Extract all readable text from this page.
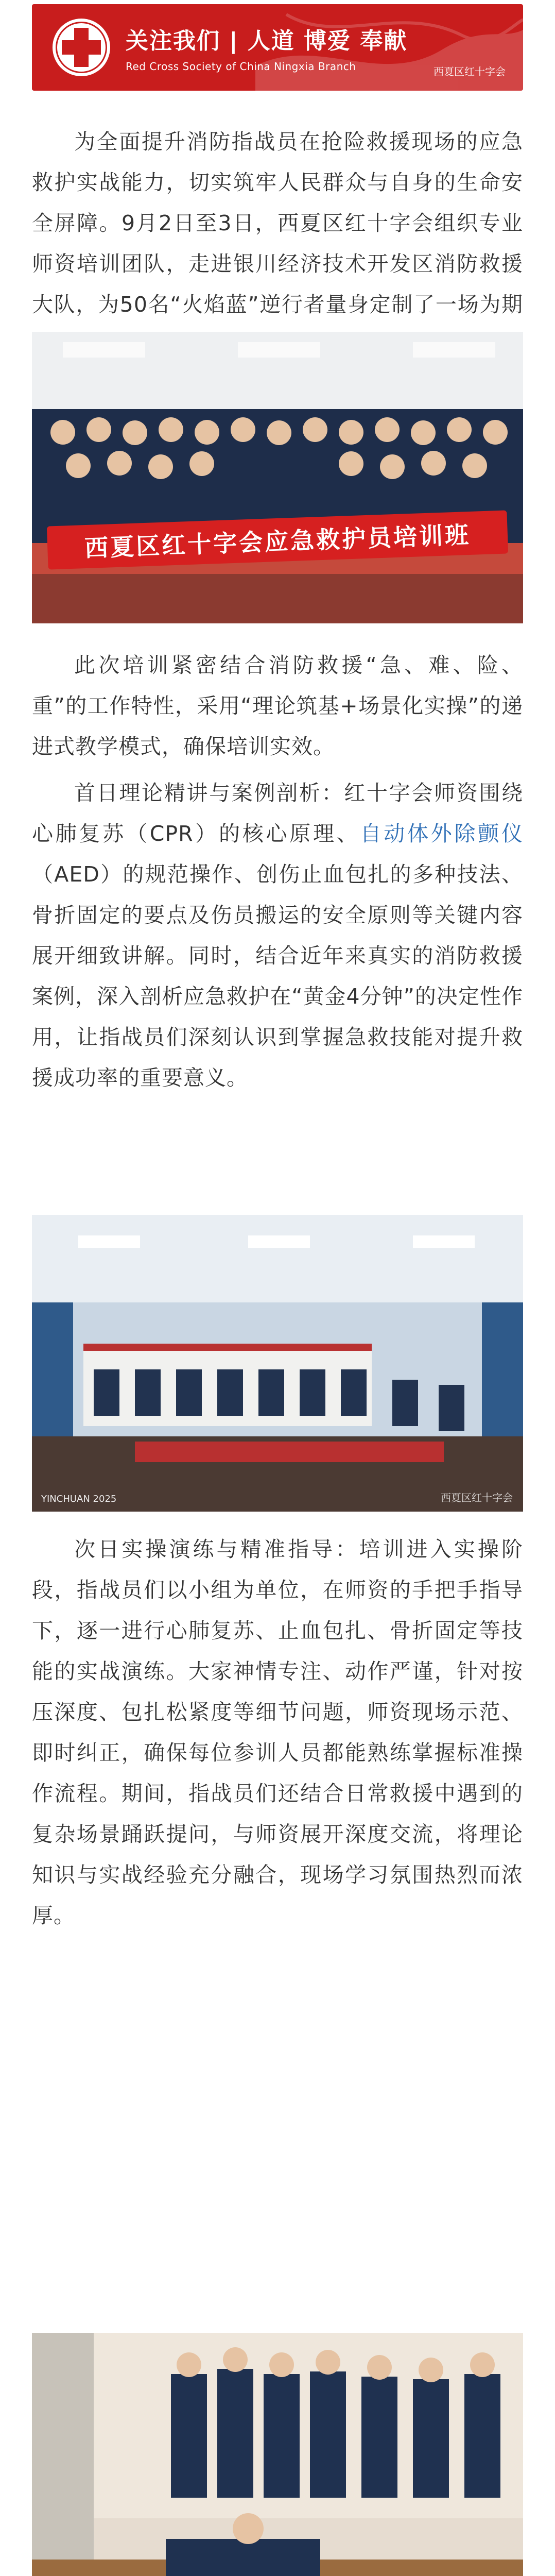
关注我们 | 人道 博爱 奉献
Red Cross Society of China Ningxia Branch	西夏区红十字会

为全面提升消防指战员在抢险救援现场的应急救护实战能力，切实筑牢人民群众与自身的生命安全屏障。9月2日至3日，西夏区红十字会组织专业师资培训团队，走进银川经济技术开发区消防救援大队，为50名“火焰蓝”逆行者量身定制了一场为期

西夏区红十字会应急救护员培训班

此次培训紧密结合消防救援“急、难、险、重”的工作特性，采用“理论筑基+场景化实操”的递进式教学模式，确保培训实效。

首日理论精讲与案例剖析：红十字会师资围绕心肺复苏（CPR）的核心原理、自动体外除颤仪（AED）的规范操作、创伤止血包扎的多种技法、骨折固定的要点及伤员搬运的安全原则等关键内容展开细致讲解。同时，结合近年来真实的消防救援案例，深入剖析应急救护在“黄金4分钟”的决定性作用，让指战员们深刻认识到掌握急救技能对提升救援成功率的重要意义。

YINCHUAN 2025	西夏区红十字会

次日实操演练与精准指导：培训进入实操阶段，指战员们以小组为单位，在师资的手把手指导下，逐一进行心肺复苏、止血包扎、骨折固定等技能的实战演练。大家神情专注、动作严谨，针对按压深度、包扎松紧度等细节问题，师资现场示范、即时纠正，确保每位参训人员都能熟练掌握标准操作流程。期间，指战员们还结合日常救援中遇到的复杂场景踊跃提问，与师资展开深度交流，将理论知识与实战经验充分融合，现场学习氛围热烈而浓厚。
